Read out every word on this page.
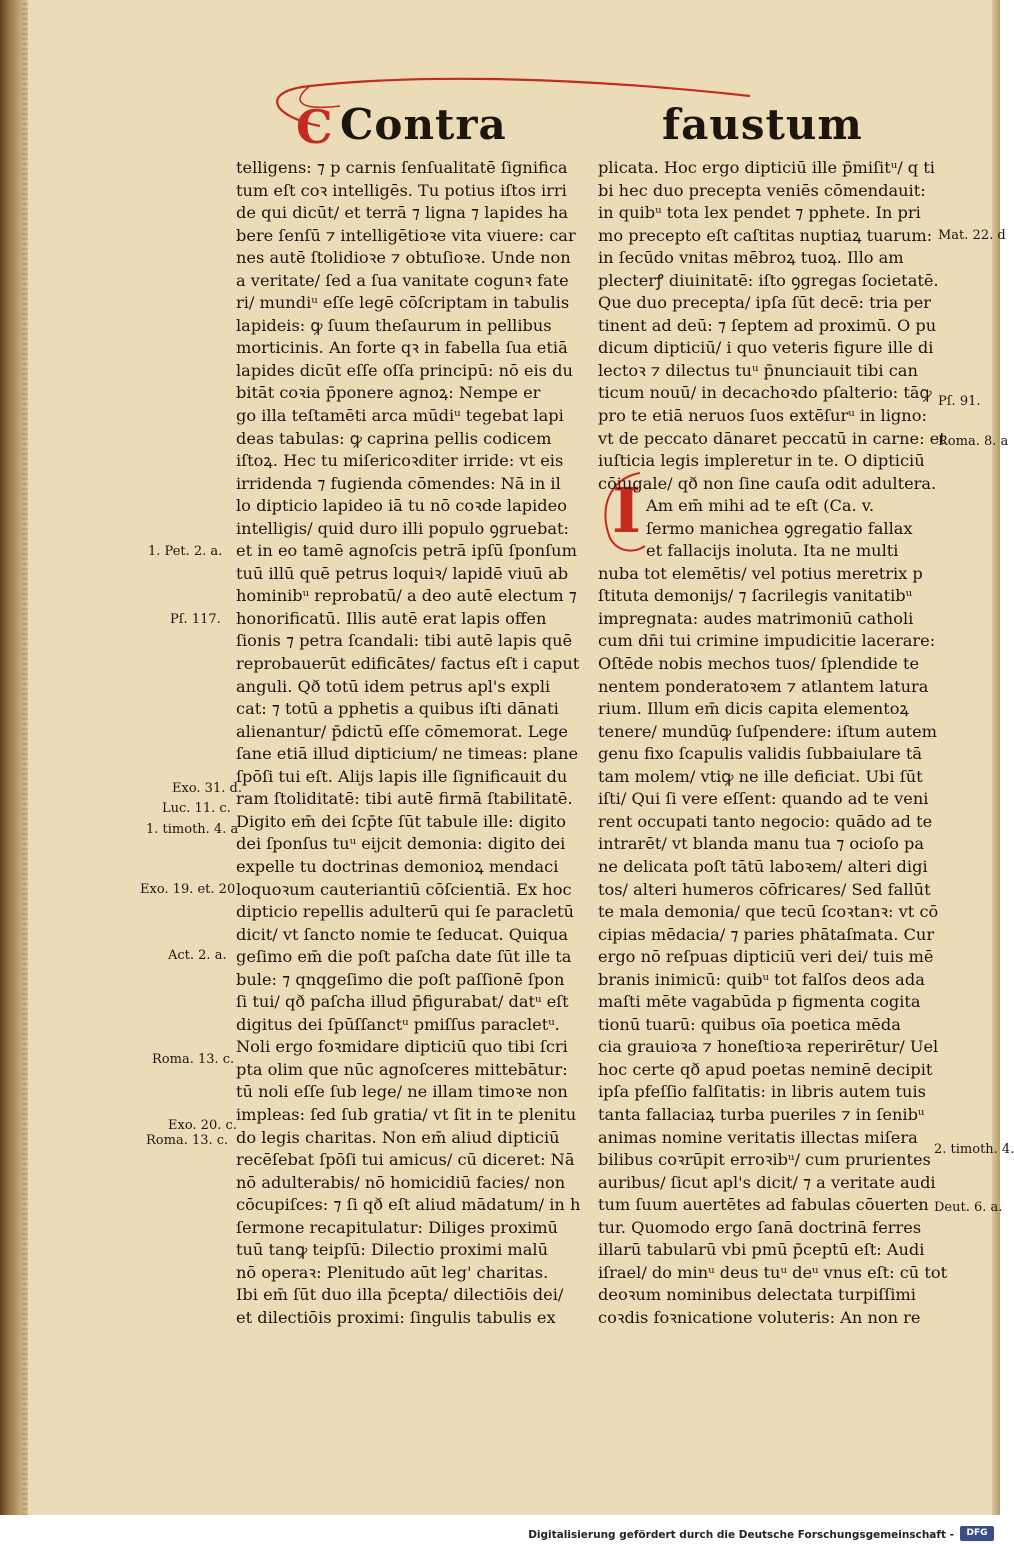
C Contra	faustum
telligens: ⁊ p carnis ſenſualitatē ſignifica
tum eſt coꝛ intelligēs. Tu potius iſtos irri
de qui dicūt/ et terrā ⁊ ligna ⁊ lapides ha
bere ſenſū ⁊ intelligētioꝛe vita viuere: car
nes autē ſtolidioꝛe ⁊ obtuſioꝛe. Unde non
a veritate/ ſed a ſua vanitate cogunꝛ fate
ri/ mundiᵘ eſſe legē cōſcriptam in tabulis
lapideis: ꝙ ſuum theſaurum in pellibus
morticinis. An forte qꝛ in fabella ſua etiā
lapides dicūt eſſe oſſa principū: nō eis du
bitāt coꝛia p̄ponere agnoꝝ: Nempe er
go illa teſtamēti arca mūdiᵘ tegebat lapi
deas tabulas: ꝙ caprina pellis codicem
iſtoꝝ. Hec tu miſericoꝛditer irride: vt eis
irridenda ⁊ fugienda cōmendes: Nā in il
lo dipticio lapideo iā tu nō coꝛde lapideo
intelligis/ quid duro illi populo ꝯgruebat:
et in eo tamē agnoſcis petrā ipſū ſponſum
tuū illū quē petrus loquiꝛ/ lapidē viuū ab
hominibᵘ reprobatū/ a deo autē electum ⁊
honorificatū. Illis autē erat lapis offen
ſionis ⁊ petra ſcandali: tibi autē lapis quē
reprobauerūt edificātes/ factus eſt i caput
anguli. Qð totū idem petrus apl's expli
cat: ⁊ totū a pphetis a quibus iſti dānati
alienantur/ p̄dictū eſſe cōmemorat. Lege
ſane etiā illud dipticium/ ne timeas: plane
ſpōſi tui eſt. Alijs lapis ille ſignificauit du
ram ſtoliditatē: tibi autē firmā ſtabilitatē.
Digito em̄ dei ſcp̄te ſūt tabule ille: digito
dei ſponſus tuᵘ eijcit demonia: digito dei
expelle tu doctrinas demonioꝝ mendaci
loquoꝛum cauteriantiū cōſcientiā. Ex hoc
dipticio repellis adulterū qui ſe paracletū
dicit/ vt ſancto nomie te ſeducat. Quiqua
geſimo em̄ die poſt paſcha date ſūt ille ta
bule: ⁊ qnqgeſimo die poſt paſſionē ſpon
ſi tui/ qð paſcha illud p̄figurabat/ datᵘ eſt
digitus dei ſpūſſanctᵘ pmiſſus paracletᵘ.
Noli ergo foꝛmidare dipticiū quo tibi ſcri
pta olim que nūc agnoſceres mittebātur:
tū noli eſſe ſub lege/ ne illam timoꝛe non
impleas: ſed ſub gratia/ vt ſit in te plenitu
do legis charitas. Non em̄ aliud dipticiū
recēſebat ſpōſi tui amicus/ cū diceret: Nā
nō adulterabis/ nō homicidiū facies/ non
cōcupiſces: ⁊ ſi qð eſt aliud mādatum/ in h
ſermone recapitulatur: Diliges proximū
tuū tanꝙ teipſū: Dilectio proximi malū
nō operaꝛ: Plenitudo aūt leg' charitas.
Ibi em̄ ſūt duo illa p̄cepta/ dilectiōis dei/
et dilectiōis proximi: ſingulis tabulis ex
I
plicata. Hoc ergo dipticiū ille p̄miſitᵘ/ q ti
bi hec duo precepta veniēs cōmendauit:
in quibᵘ tota lex pendet ⁊ pphete. In pri
mo precepto eſt caſtitas nuptiaꝝ tuarum:
in ſecūdo vnitas mēbroꝝ tuoꝝ. Illo am
plecterꝭ diuinitatē: iſto ꝯgregas ſocietatē.
Que duo precepta/ ipſa ſūt decē: tria per
tinent ad deū: ⁊ ſeptem ad proximū. O pu
dicum dipticiū/ i quo veteris figure ille di
lectoꝛ ⁊ dilectus tuᵘ p̄nunciauit tibi can
ticum nouū/ in decachoꝛdo pſalterio: tāꝙ
pro te etiā neruos ſuos extēſurᵘ in ligno:
vt de peccato dānaret peccatū in carne: et
iuſticia legis impleretur in te. O dipticiū
cōiugale/ qð non ſine cauſa odit adultera.
Am em̄ mihi ad te eſt (Ca. v.
ſermo manichea ꝯgregatio fallax
et fallacijs inoluta. Ita ne multi
nuba tot elemētis/ vel potius meretrix p
ſtituta demonijs/ ⁊ ſacrilegis vanitatibᵘ
impregnata: audes matrimoniū catholi
cum dn̄i tui crimine impudicitie lacerare:
Oſtēde nobis mechos tuos/ ſplendide te
nentem ponderatoꝛem ⁊ atlantem latura
rium. Illum em̄ dicis capita elementoꝝ
tenere/ mundūꝙ ſuſpendere: iſtum autem
genu fixo ſcapulis validis ſubbaiulare tā
tam molem/ vtiꝙ ne ille deficiat. Ubi ſūt
iſti/ Qui ſi vere eſſent: quando ad te veni
rent occupati tanto negocio: quādo ad te
intrarēt/ vt blanda manu tua ⁊ ocioſo pa
ne delicata poſt tātū laboꝛem/ alteri digi
tos/ alteri humeros cōfricares/ Sed fallūt
te mala demonia/ que tecū ſcoꝛtanꝛ: vt cō
cipias mēdacia/ ⁊ paries phātaſmata. Cur
ergo nō reſpuas dipticiū veri dei/ tuis mē
branis inimicū: quibᵘ tot falſos deos ada
maſti mēte vagabūda p figmenta cogita
tionū tuarū: quibus oīa poetica mēda
cia grauioꝛa ⁊ honeſtioꝛa reperirētur/ Uel
hoc certe qð apud poetas neminē decipit
ipſa pfeſſio falſitatis: in libris autem tuis
tanta fallaciaꝝ turba pueriles ⁊ in ſenibᵘ
animas nomine veritatis illectas miſera
bilibus coꝛrūpit erroꝛibᵘ/ cum prurientes
auribus/ ſicut apl's dicit/ ⁊ a veritate audi
tum ſuum auertētes ad fabulas cōuerten
tur. Quomodo ergo ſanā doctrinā ferres
illarū tabularū vbi pmū p̄ceptū eſt: Audi
iſrael/ do minᵘ deus tuᵘ deᵘ vnus eſt: cū tot
deoꝛum nominibus delectata turpiſſimi
coꝛdis foꝛnicatione voluteris: An non re
1. Pet. 2. a.
Pſ. 117.
Exo. 31. d.
Luc. 11. c.
1. timoth. 4. a
Exo. 19. et. 20
Act. 2. a.
Roma. 13. c.
Exo. 20. c.
Roma. 13. c.
Mat. 22. d
Pſ. 91.
Roma. 8. a
2. timoth. 4.
Deut. 6. a.
Digitalisierung gefördert durch die Deutsche Forschungsgemeinschaft -	DFG
